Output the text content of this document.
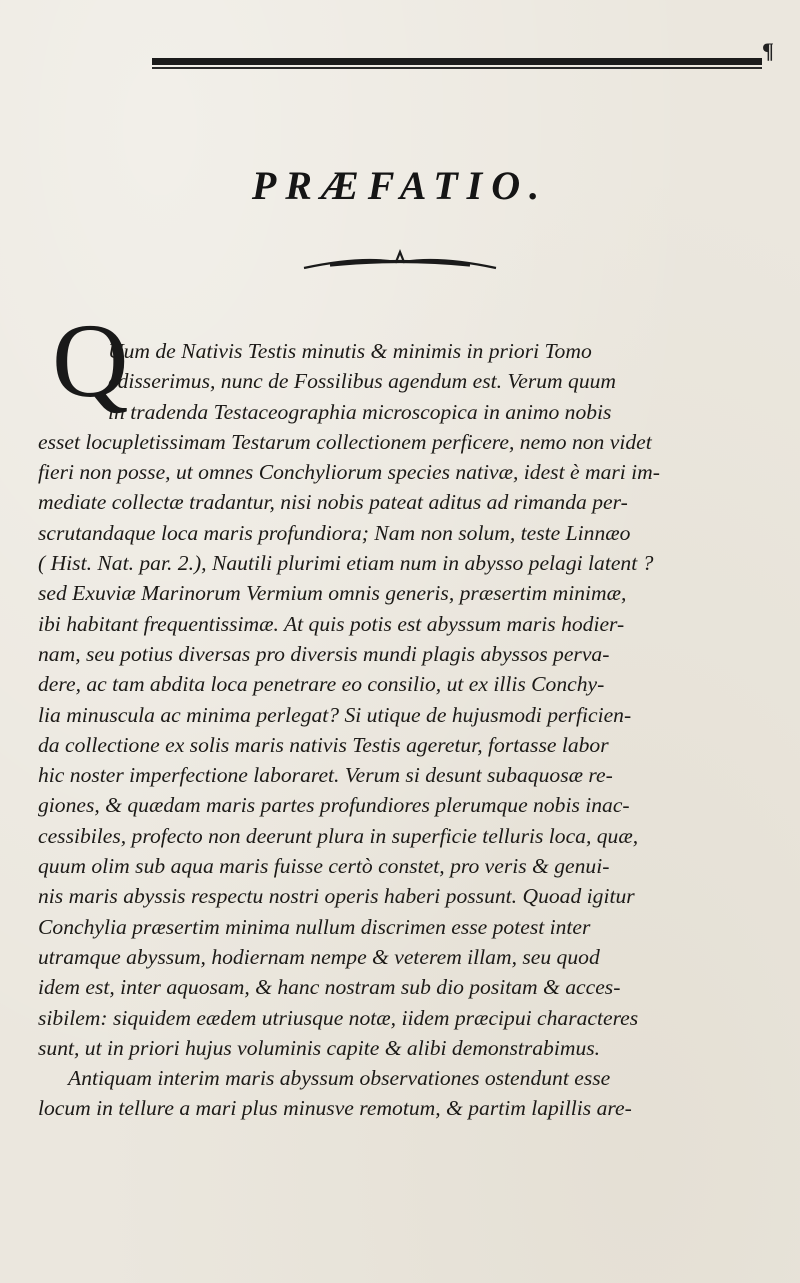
¶
PRÆFATIO.
Q
Uum de Nativis Testis minutis & minimis in priori Tomo
edisserimus, nunc de Fossilibus agendum est. Verum quum
in tradenda Testaceographia microscopica in animo nobis
esset locupletissimam Testarum collectionem perficere, nemo non videt
fieri non posse, ut omnes Conchyliorum species nativæ, idest è mari im-
mediate collectæ tradantur, nisi nobis pateat aditus ad rimanda per-
scrutandaque loca maris profundiora; Nam non solum, teste Linnæo
( Hist. Nat. par. 2.), Nautili plurimi etiam num in abysso pelagi latent ?
sed Exuviæ Marinorum Vermium omnis generis, præsertim minimæ,
ibi habitant frequentissimæ. At quis potis est abyssum maris hodier-
nam, seu potius diversas pro diversis mundi plagis abyssos perva-
dere, ac tam abdita loca penetrare eo consilio, ut ex illis Conchy-
lia minuscula ac minima perlegat? Si utique de hujusmodi perficien-
da collectione ex solis maris nativis Testis ageretur, fortasse labor
hic noster imperfectione laboraret. Verum si desunt subaquosæ re-
giones, & quædam maris partes profundiores plerumque nobis inac-
cessibiles, profecto non deerunt plura in superficie telluris loca, quæ,
quum olim sub aqua maris fuisse certò constet, pro veris & genui-
nis maris abyssis respectu nostri operis haberi possunt. Quoad igitur
Conchylia præsertim minima nullum discrimen esse potest inter
utramque abyssum, hodiernam nempe & veterem illam, seu quod
idem est, inter aquosam, & hanc nostram sub dio positam & acces-
sibilem: siquidem eædem utriusque notæ, iidem præcipui characteres
sunt, ut in priori hujus voluminis capite & alibi demonstrabimus.
Antiquam interim maris abyssum observationes ostendunt esse
locum in tellure a mari plus minusve remotum, & partim lapillis are-
